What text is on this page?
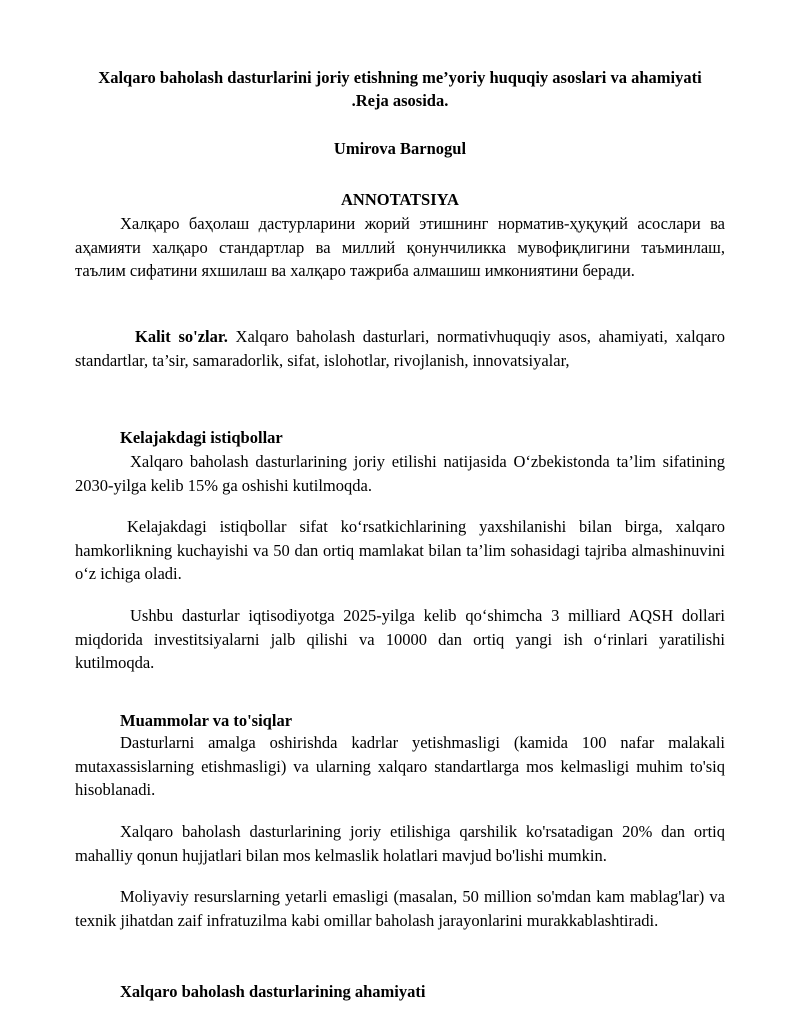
Xalqaro baholash dasturlarini joriy etishning me’yoriy huquqiy asoslari va ahamiyati .Reja asosida.
Umirova Barnogul
ANNOTATSIYA
Халқаро баҳолаш дастурларини жорий этишнинг норматив-ҳуқуқий асослари ва аҳамияти халқаро стандартлар ва миллий қонунчиликка мувофиқлигини таъминлаш, таълим сифатини яхшилаш ва халқаро тажриба алмашиш имкониятини беради.
Kalit so'zlar. Xalqaro baholash dasturlari, normativhuquqiy asos, ahamiyati, xalqaro standartlar, ta’sir, samaradorlik, sifat, islohotlar, rivojlanish, innovatsiyalar,
Kelajakdagi istiqbollar
Xalqaro baholash dasturlarining joriy etilishi natijasida O‘zbekistonda ta’lim sifatining 2030-yilga kelib 15% ga oshishi kutilmoqda.
Kelajakdagi istiqbollar sifat ko‘rsatkichlarining yaxshilanishi bilan birga, xalqaro hamkorlikning kuchayishi va 50 dan ortiq mamlakat bilan ta’lim sohasidagi tajriba almashinuvini o‘z ichiga oladi.
Ushbu dasturlar iqtisodiyotga 2025-yilga kelib qo‘shimcha 3 milliard AQSH dollari miqdorida investitsiyalarni jalb qilishi va 10000 dan ortiq yangi ish o‘rinlari yaratilishi kutilmoqda.
Muammolar va to'siqlar
Dasturlarni amalga oshirishda kadrlar yetishmasligi (kamida 100 nafar malakali mutaxassislarning etishmasligi) va ularning xalqaro standartlarga mos kelmasligi muhim to'siq hisoblanadi.
Xalqaro baholash dasturlarining joriy etilishiga qarshilik ko'rsatadigan 20% dan ortiq mahalliy qonun hujjatlari bilan mos kelmaslik holatlari mavjud bo'lishi mumkin.
Moliyaviy resurslarning yetarli emasligi (masalan, 50 million so'mdan kam mablag'lar) va texnik jihatdan zaif infratuzilma kabi omillar baholash jarayonlarini murakkablashtiradi.
Xalqaro baholash dasturlarining ahamiyati
